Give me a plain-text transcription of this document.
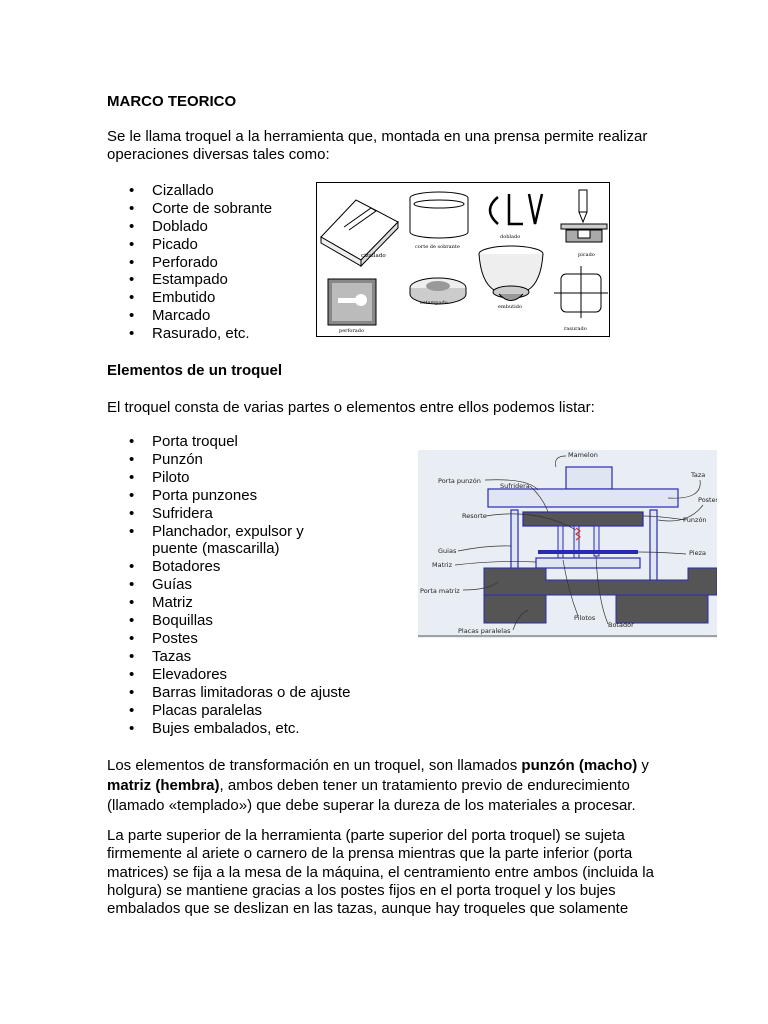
MARCO TEORICO
Se le llama troquel a la herramienta que, montada en una prensa permite realizar
operaciones diversas tales como:
• Cizallado
• Corte de sobrante
• Doblado
• Picado
• Perforado
• Estampado
• Embutido
• Marcado
• Rasurado, etc.
cizallado
corte de sobrante
doblado
picado
perforado
estampado
embutido
rasurado
Elementos de un troquel
El troquel consta de varias partes o elementos entre ellos podemos listar:
• Porta troquel
• Punzón
• Piloto
• Porta punzones
• Sufridera
• Planchador, expulsor y puente (mascarilla)
• Botadores
• Guías
• Matriz
• Boquillas
• Postes
• Tazas
• Elevadores
• Barras limitadoras o de ajuste
• Placas paralelas
• Bujes embalados, etc.
Mamelon
Porta punzón
Sufridera
Taza
Postes
Resorte	Punzón
Guias	Pieza
Matriz
Porta matriz
Pilotos
Botador
Placas paralelas
Los elementos de transformación en un troquel, son llamados punzón (macho) y matriz (hembra), ambos deben tener un tratamiento previo de endurecimiento (llamado «templado») que debe superar la dureza de los materiales a procesar.
La parte superior de la herramienta (parte superior del porta troquel) se sujeta firmemente al ariete o carnero de la prensa mientras que la parte inferior (porta matrices) se fija a la mesa de la máquina, el centramiento entre ambos (incluida la holgura) se mantiene gracias a los postes fijos en el porta troquel y los bujes embalados que se deslizan en las tazas, aunque hay troqueles que solamente
